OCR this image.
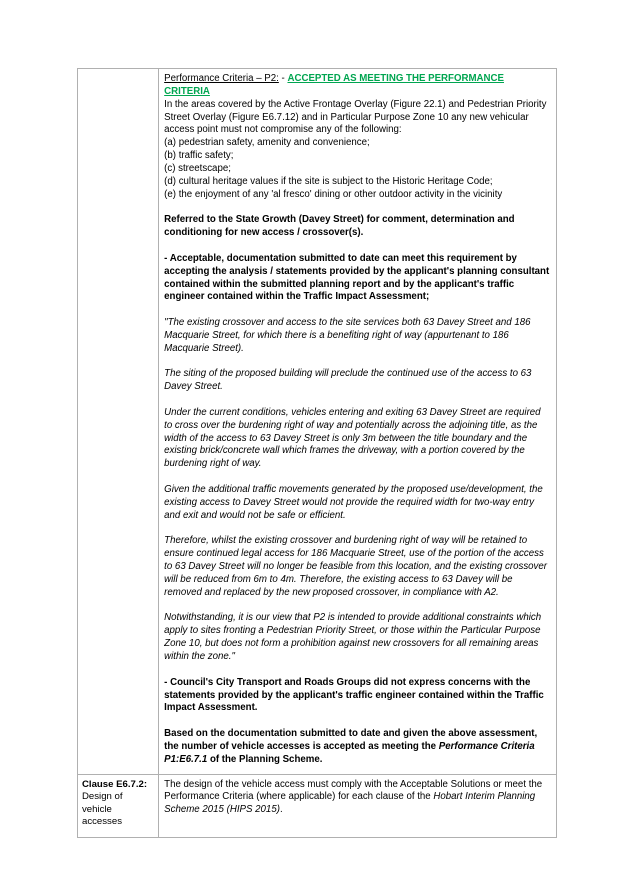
Performance Criteria – P2: - ACCEPTED AS MEETING THE PERFORMANCE CRITERIA

In the areas covered by the Active Frontage Overlay (Figure 22.1) and Pedestrian Priority Street Overlay (Figure E6.7.12) and in Particular Purpose Zone 10 any new vehicular access point must not compromise any of the following:

(a) pedestrian safety, amenity and convenience;

(b) traffic safety;

(c) streetscape;

(d) cultural heritage values if the site is subject to the Historic Heritage Code;

(e) the enjoyment of any 'al fresco' dining or other outdoor activity in the vicinity

Referred to the State Growth (Davey Street) for comment, determination and conditioning for new access / crossover(s).

- Acceptable, documentation submitted to date can meet this requirement by accepting the analysis / statements provided by the applicant's planning consultant contained within the submitted planning report and by the applicant's traffic engineer contained within the Traffic Impact Assessment;

"The existing crossover and access to the site services both 63 Davey Street and 186 Macquarie Street, for which there is a benefiting right of way (appurtenant to 186 Macquarie Street).

The siting of the proposed building will preclude the continued use of the access to 63 Davey Street.

Under the current conditions, vehicles entering and exiting 63 Davey Street are required to cross over the burdening right of way and potentially across the adjoining title, as the width of the access to 63 Davey Street is only 3m between the title boundary and the existing brick/concrete wall which frames the driveway, with a portion covered by the burdening right of way.

Given the additional traffic movements generated by the proposed use/development, the existing access to Davey Street would not provide the required width for two-way entry and exit and would not be safe or efficient.

Therefore, whilst the existing crossover and burdening right of way will be retained to ensure continued legal access for 186 Macquarie Street, use of the portion of the access to 63 Davey Street will no longer be feasible from this location, and the existing crossover will be reduced from 6m to 4m. Therefore, the existing access to 63 Davey will be removed and replaced by the new proposed crossover, in compliance with A2.

Notwithstanding, it is our view that P2 is intended to provide additional constraints which apply to sites fronting a Pedestrian Priority Street, or those within the Particular Purpose Zone 10, but does not form a prohibition against new crossovers for all remaining areas within the zone."

- Council's City Transport and Roads Groups did not express concerns with the statements provided by the applicant's traffic engineer contained within the Traffic Impact Assessment.

Based on the documentation submitted to date and given the above assessment, the number of vehicle accesses is accepted as meeting the Performance Criteria P1:E6.7.1 of the Planning Scheme.

Clause E6.7.2:

Design of vehicle accesses	The design of the vehicle access must comply with the Acceptable Solutions or meet the Performance Criteria (where applicable) for each clause of the Hobart Interim Planning Scheme 2015 (HIPS 2015).
